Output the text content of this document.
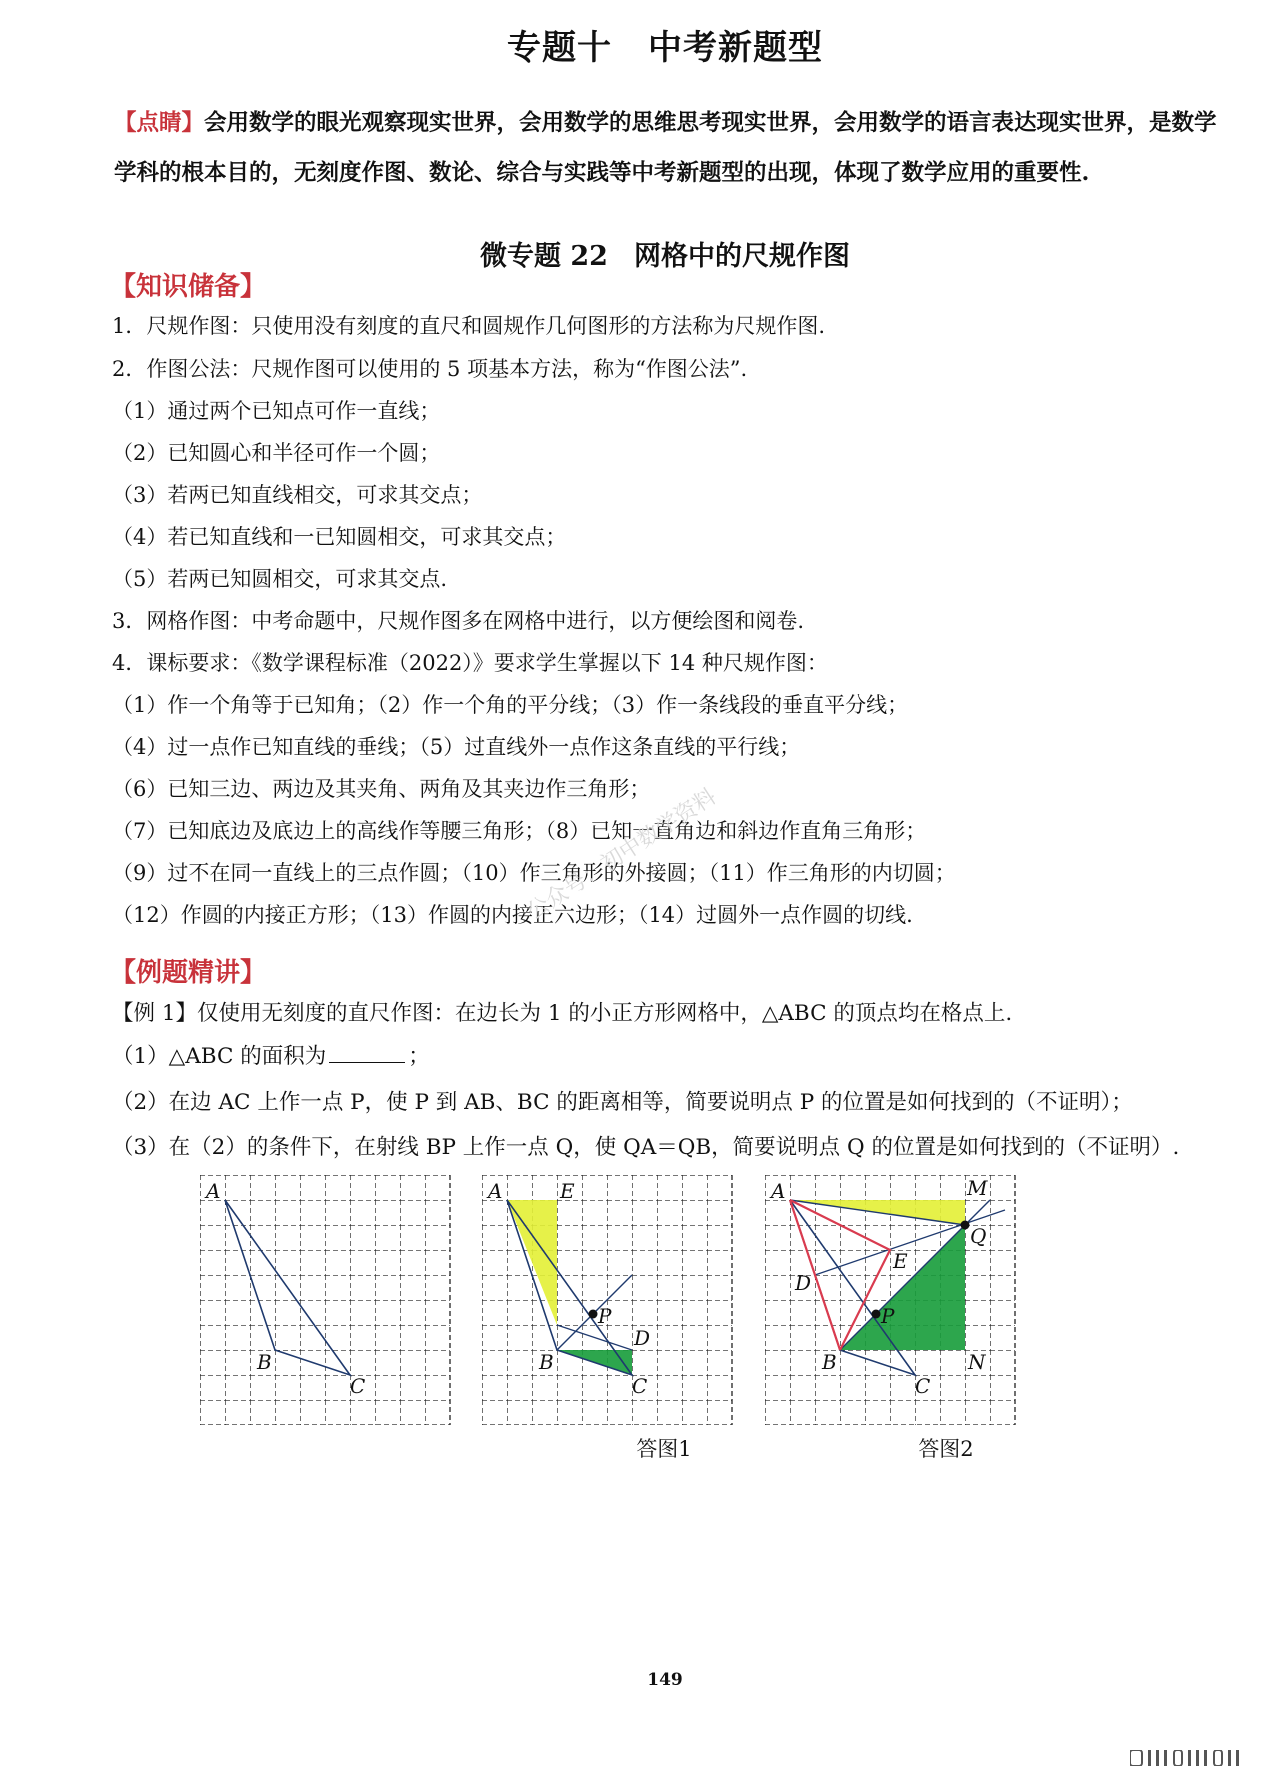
专题十 中考新题型
【点睛】会用数学的眼光观察现实世界，会用数学的思维思考现实世界，会用数学的语言表达现实世界，是数学学科的根本目的，无刻度作图、数论、综合与实践等中考新题型的出现，体现了数学应用的重要性.
微专题 22 网格中的尺规作图
【知识储备】
1．尺规作图：只使用没有刻度的直尺和圆规作几何图形的方法称为尺规作图.
2．作图公法：尺规作图可以使用的 5 项基本方法，称为“作图公法”.
（1）通过两个已知点可作一直线；
（2）已知圆心和半径可作一个圆；
（3）若两已知直线相交，可求其交点；
（4）若已知直线和一已知圆相交，可求其交点；
（5）若两已知圆相交，可求其交点.
3．网格作图：中考命题中，尺规作图多在网格中进行，以方便绘图和阅卷.
4．课标要求：《数学课程标准（2022）》要求学生掌握以下 14 种尺规作图：
（1）作一个角等于已知角；（2）作一个角的平分线；（3）作一条线段的垂直平分线；
（4）过一点作已知直线的垂线；（5）过直线外一点作这条直线的平行线；
（6）已知三边、两边及其夹角、两角及其夹边作三角形；
（7）已知底边及底边上的高线作等腰三角形；（8）已知一直角边和斜边作直角三角形；
（9）过不在同一直线上的三点作圆；（10）作三角形的外接圆；（11）作三角形的内切圆；
（12）作圆的内接正方形；（13）作圆的内接正六边形；（14）过圆外一点作圆的切线.
【例题精讲】
【例 1】仅使用无刻度的直尺作图：在边长为 1 的小正方形网格中，△ABC 的顶点均在格点上.
（1）△ABC 的面积为	；
（2）在边 AC 上作一点 P，使 P 到 AB、BC 的距离相等，简要说明点 P 的位置是如何找到的（不证明）；
（3）在（2）的条件下，在射线 BP 上作一点 Q，使 QA＝QB，简要说明点 Q 的位置是如何找到的（不证明）.
公众号：初中数学资料
A
B
C
A	E
P
D
B
C
A	M
Q
E
D
P
B	N
C
答图1	答图2
149
